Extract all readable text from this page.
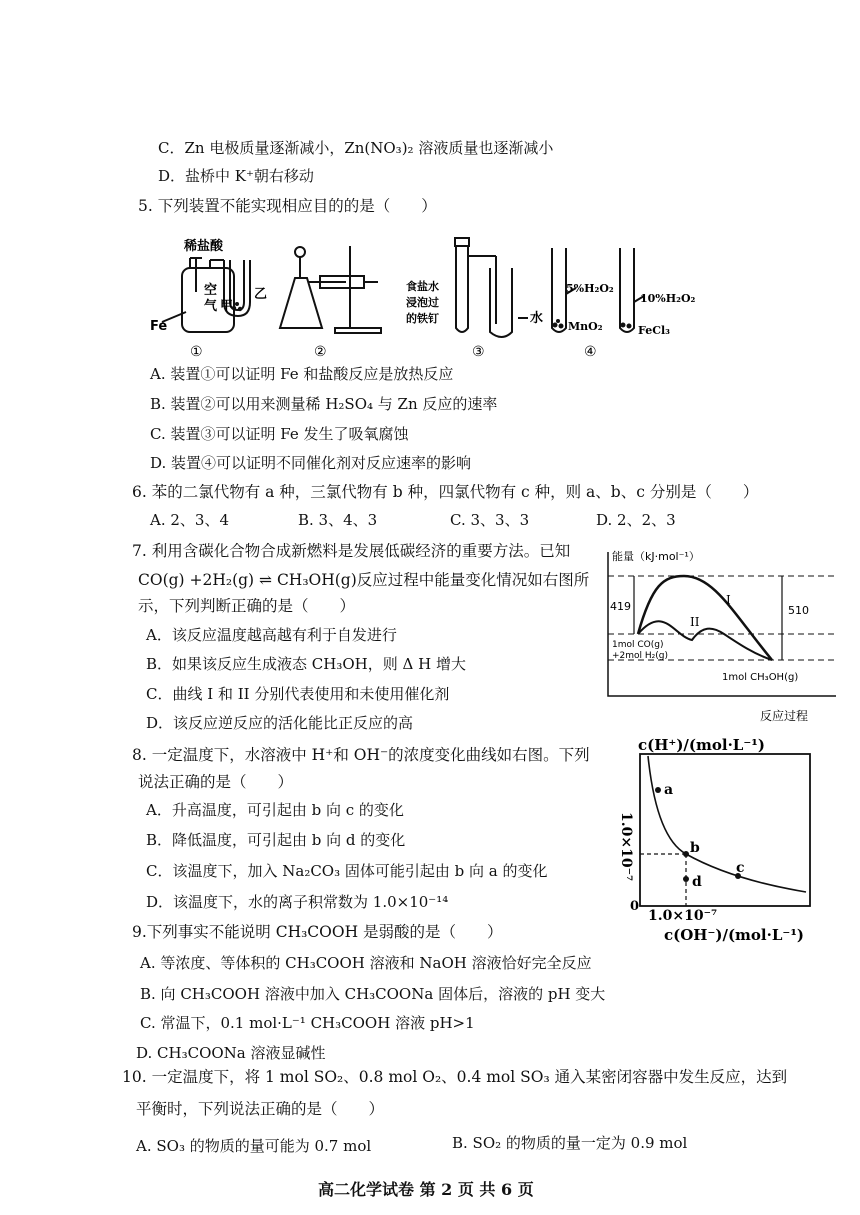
C．Zn 电极质量逐渐减小，Zn(NO₃)₂ 溶液质量也逐渐减小
D．盐桥中 K⁺朝右移动
5. 下列装置不能实现相应目的的是（　　）
稀盐酸
空
气 甲
乙
Fe
食盐水
浸泡过
的铁钉	水
5%H₂O₂
10%H₂O₂
MnO₂	FeCl₃
①	②	③	④
A. 装置①可以证明 Fe 和盐酸反应是放热反应
B. 装置②可以用来测量稀 H₂SO₄ 与 Zn 反应的速率
C. 装置③可以证明 Fe 发生了吸氧腐蚀
D. 装置④可以证明不同催化剂对反应速率的影响
6. 苯的二氯代物有 a 种，三氯代物有 b 种，四氯代物有 c 种，则 a、b、c 分别是（　　）
A. 2、3、4	B. 3、4、3	C. 3、3、3	D. 2、2、3
7. 利用含碳化合物合成新燃料是发展低碳经济的重要方法。已知
CO(g) +2H₂(g) ⇌ CH₃OH(g)反应过程中能量变化情况如右图所
示，下列判断正确的是（　　）
A．该反应温度越高越有利于自发进行
B．如果该反应生成液态 CH₃OH，则 Δ H 增大
C．曲线 I 和 II 分别代表使用和未使用催化剂
D．该反应逆反应的活化能比正反应的高
能量（kJ·mol⁻¹）
419	510
I
II
1mol CO(g)
+2mol H₂(g)
1mol CH₃OH(g)
反应过程
8. 一定温度下，水溶液中 H⁺和 OH⁻的浓度变化曲线如右图。下列
说法正确的是（　　）
A．升高温度，可引起由 b 向 c 的变化
B．降低温度，可引起由 b 向 d 的变化
C．该温度下，加入 Na₂CO₃ 固体可能引起由 b 向 a 的变化
D．该温度下，水的离子积常数为 1.0×10⁻¹⁴
c(H⁺)/(mol·L⁻¹)
a
b
d
c
0
1.0×10⁻⁷
1.0×10⁻⁷
c(OH⁻)/(mol·L⁻¹)
9.下列事实不能说明 CH₃COOH 是弱酸的是（　　）
A. 等浓度、等体积的 CH₃COOH 溶液和 NaOH 溶液恰好完全反应
B. 向 CH₃COOH 溶液中加入 CH₃COONa 固体后，溶液的 pH 变大
C. 常温下，0.1 mol·L⁻¹ CH₃COOH 溶液 pH>1
D. CH₃COONa 溶液显碱性
10. 一定温度下，将 1 mol SO₂、0.8 mol O₂、0.4 mol SO₃ 通入某密闭容器中发生反应，达到
平衡时，下列说法正确的是（　　）
A. SO₃ 的物质的量可能为 0.7 mol	B. SO₂ 的物质的量一定为 0.9 mol
高二化学试卷 第 2 页 共 6 页
